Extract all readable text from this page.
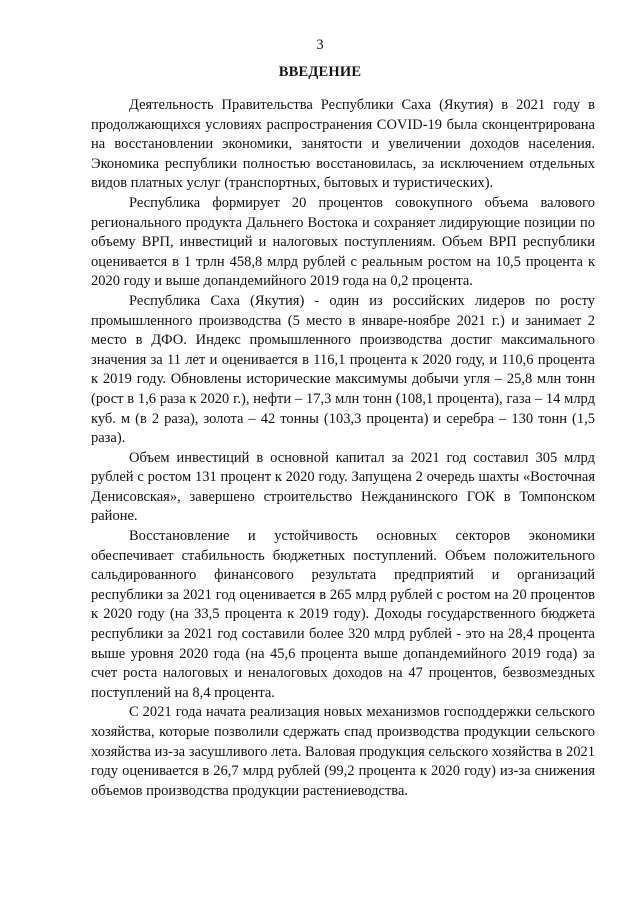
3
ВВЕДЕНИЕ

Деятельность Правительства Республики Саха (Якутия) в 2021 году в продолжающихся условиях распространения COVID-19 была сконцентрирована на восстановлении экономики, занятости и увеличении доходов населения. Экономика республики полностью восстановилась, за исключением отдельных видов платных услуг (транспортных, бытовых и туристических).

Республика формирует 20 процентов совокупного объема валового регионального продукта Дальнего Востока и сохраняет лидирующие позиции по объему ВРП, инвестиций и налоговых поступлениям. Объем ВРП республики оценивается в 1 трлн 458,8 млрд рублей с реальным ростом на 10,5 процента к 2020 году и выше допандемийного 2019 года на 0,2 процента.

Республика Саха (Якутия) - один из российских лидеров по росту промышленного производства (5 место в январе-ноябре 2021 г.) и занимает 2 место в ДФО. Индекс промышленного производства достиг максимального значения за 11 лет и оценивается в 116,1 процента к 2020 году, и 110,6 процента к 2019 году. Обновлены исторические максимумы добычи угля – 25,8 млн тонн (рост в 1,6 раза к 2020 г.), нефти – 17,3 млн тонн (108,1 процента), газа – 14 млрд куб. м (в 2 раза), золота – 42 тонны (103,3 процента) и серебра – 130 тонн (1,5 раза).

Объем инвестиций в основной капитал за 2021 год составил 305 млрд рублей с ростом 131 процент к 2020 году. Запущена 2 очередь шахты «Восточная Денисовская», завершено строительство Нежданинского ГОК в Томпонском районе.

Восстановление и устойчивость основных секторов экономики обеспечивает стабильность бюджетных поступлений. Объем положительного сальдированного финансового результата предприятий и организаций республики за 2021 год оценивается в 265 млрд рублей с ростом на 20 процентов к 2020 году (на 33,5 процента к 2019 году). Доходы государственного бюджета республики за 2021 год составили более 320 млрд рублей - это на 28,4 процента выше уровня 2020 года (на 45,6 процента выше допандемийного 2019 года) за счет роста налоговых и неналоговых доходов на 47 процентов, безвозмездных поступлений на 8,4 процента.

С 2021 года начата реализация новых механизмов господдержки сельского хозяйства, которые позволили сдержать спад производства продукции сельского хозяйства из-за засушливого лета. Валовая продукция сельского хозяйства в 2021 году оценивается в 26,7 млрд рублей (99,2 процента к 2020 году) из-за снижения объемов производства продукции растениеводства.
